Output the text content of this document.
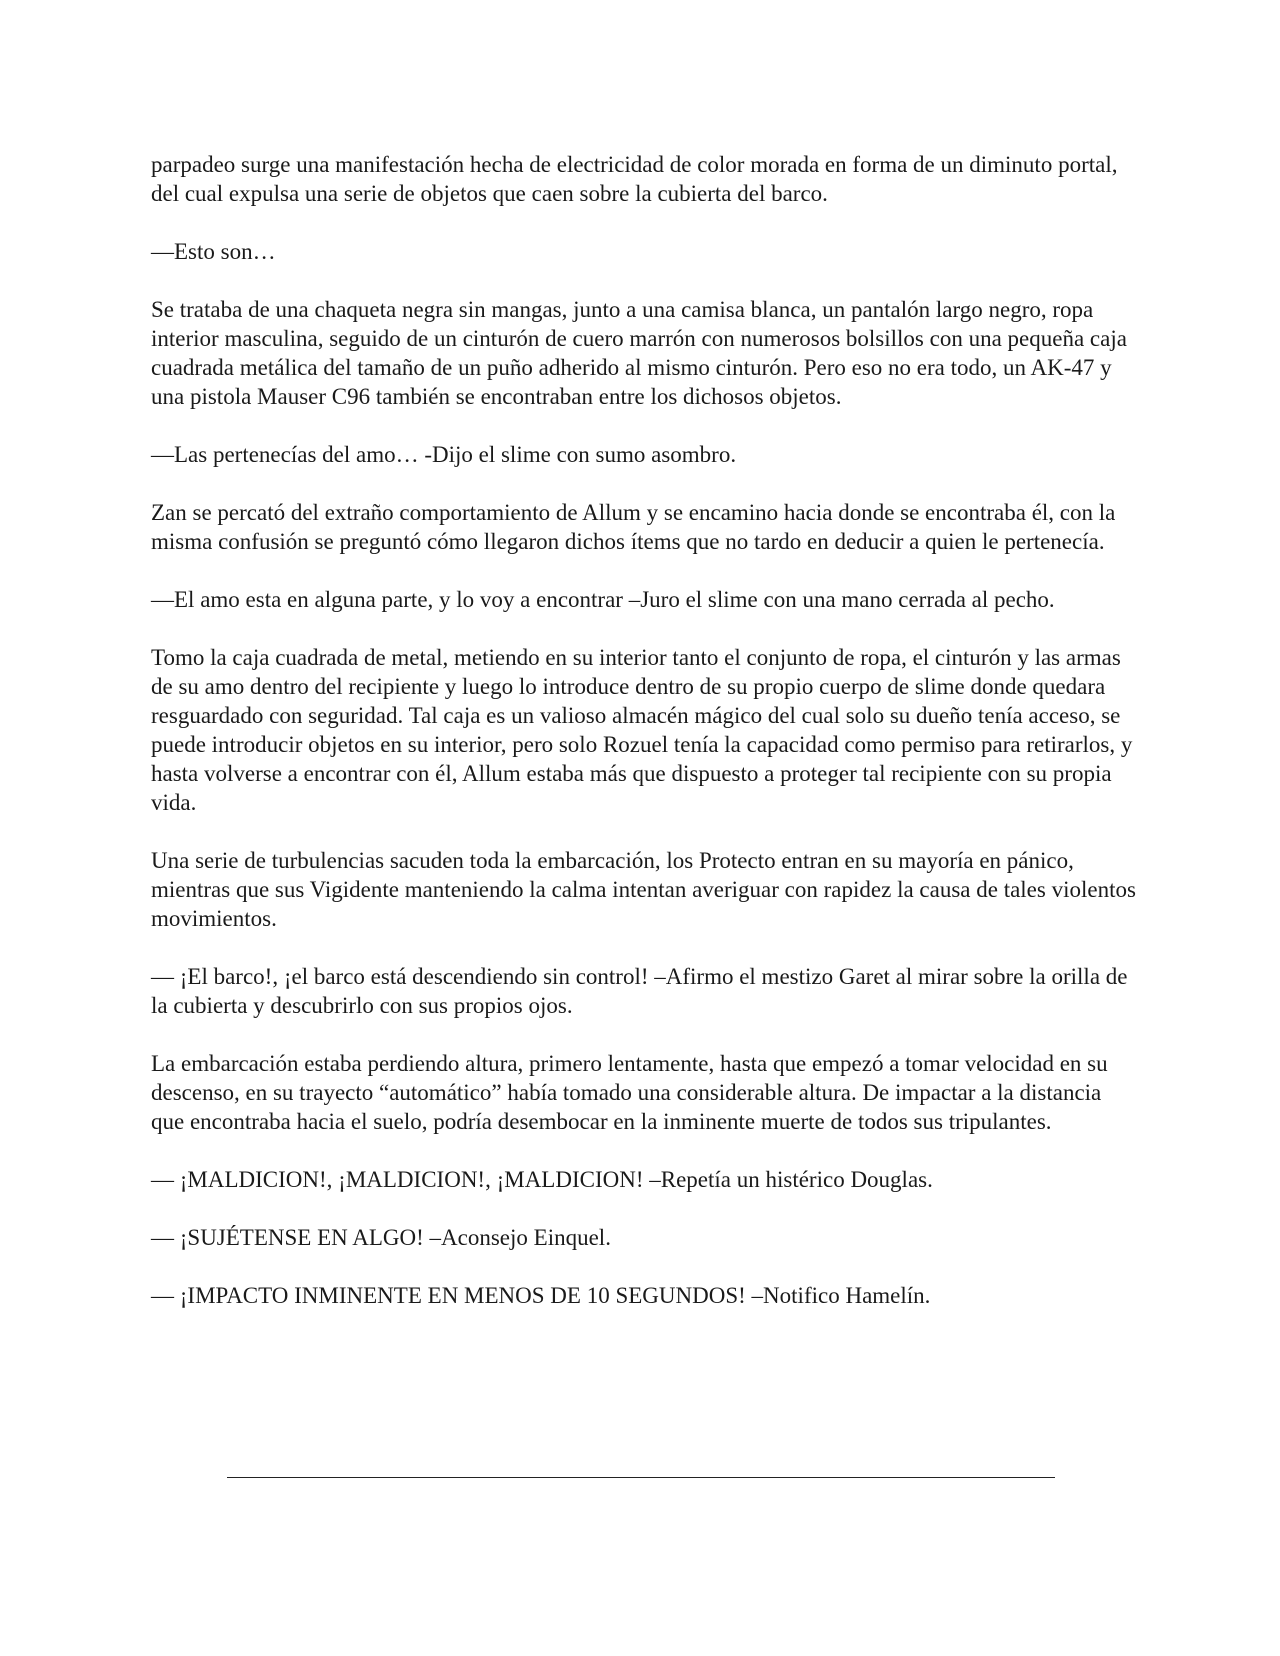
parpadeo surge una manifestación hecha de electricidad de color morada en forma de un diminuto portal, del cual expulsa una serie de objetos que caen sobre la cubierta del barco.

—Esto son…

Se trataba de una chaqueta negra sin mangas, junto a una camisa blanca, un pantalón largo negro, ropa interior masculina, seguido de un cinturón de cuero marrón con numerosos bolsillos con una pequeña caja cuadrada metálica del tamaño de un puño adherido al mismo cinturón. Pero eso no era todo, un AK-47 y una pistola Mauser C96 también se encontraban entre los dichosos objetos.

—Las pertenecías del amo… -Dijo el slime con sumo asombro.

Zan se percató del extraño comportamiento de Allum y se encamino hacia donde se encontraba él, con la misma confusión se preguntó cómo llegaron dichos ítems que no tardo en deducir a quien le pertenecía.

—El amo esta en alguna parte, y lo voy a encontrar –Juro el slime con una mano cerrada al pecho.

Tomo la caja cuadrada de metal, metiendo en su interior tanto el conjunto de ropa, el cinturón y las armas de su amo dentro del recipiente y luego lo introduce dentro de su propio cuerpo de slime donde quedara resguardado con seguridad. Tal caja es un valioso almacén mágico del cual solo su dueño tenía acceso, se puede introducir objetos en su interior, pero solo Rozuel tenía la capacidad como permiso para retirarlos, y hasta volverse a encontrar con él, Allum estaba más que dispuesto a proteger tal recipiente con su propia vida.

Una serie de turbulencias sacuden toda la embarcación, los Protecto entran en su mayoría en pánico, mientras que sus Vigidente manteniendo la calma intentan averiguar con rapidez la causa de tales violentos movimientos.

— ¡El barco!, ¡el barco está descendiendo sin control! –Afirmo el mestizo Garet al mirar sobre la orilla de la cubierta y descubrirlo con sus propios ojos.

La embarcación estaba perdiendo altura, primero lentamente, hasta que empezó a tomar velocidad en su descenso, en su trayecto “automático” había tomado una considerable altura. De impactar a la distancia que encontraba hacia el suelo, podría desembocar en la inminente muerte de todos sus tripulantes.

— ¡MALDICION!, ¡MALDICION!, ¡MALDICION! –Repetía un histérico Douglas.

— ¡SUJÉTENSE EN ALGO! –Aconsejo Einquel.

— ¡IMPACTO INMINENTE EN MENOS DE 10 SEGUNDOS! –Notifico Hamelín.
